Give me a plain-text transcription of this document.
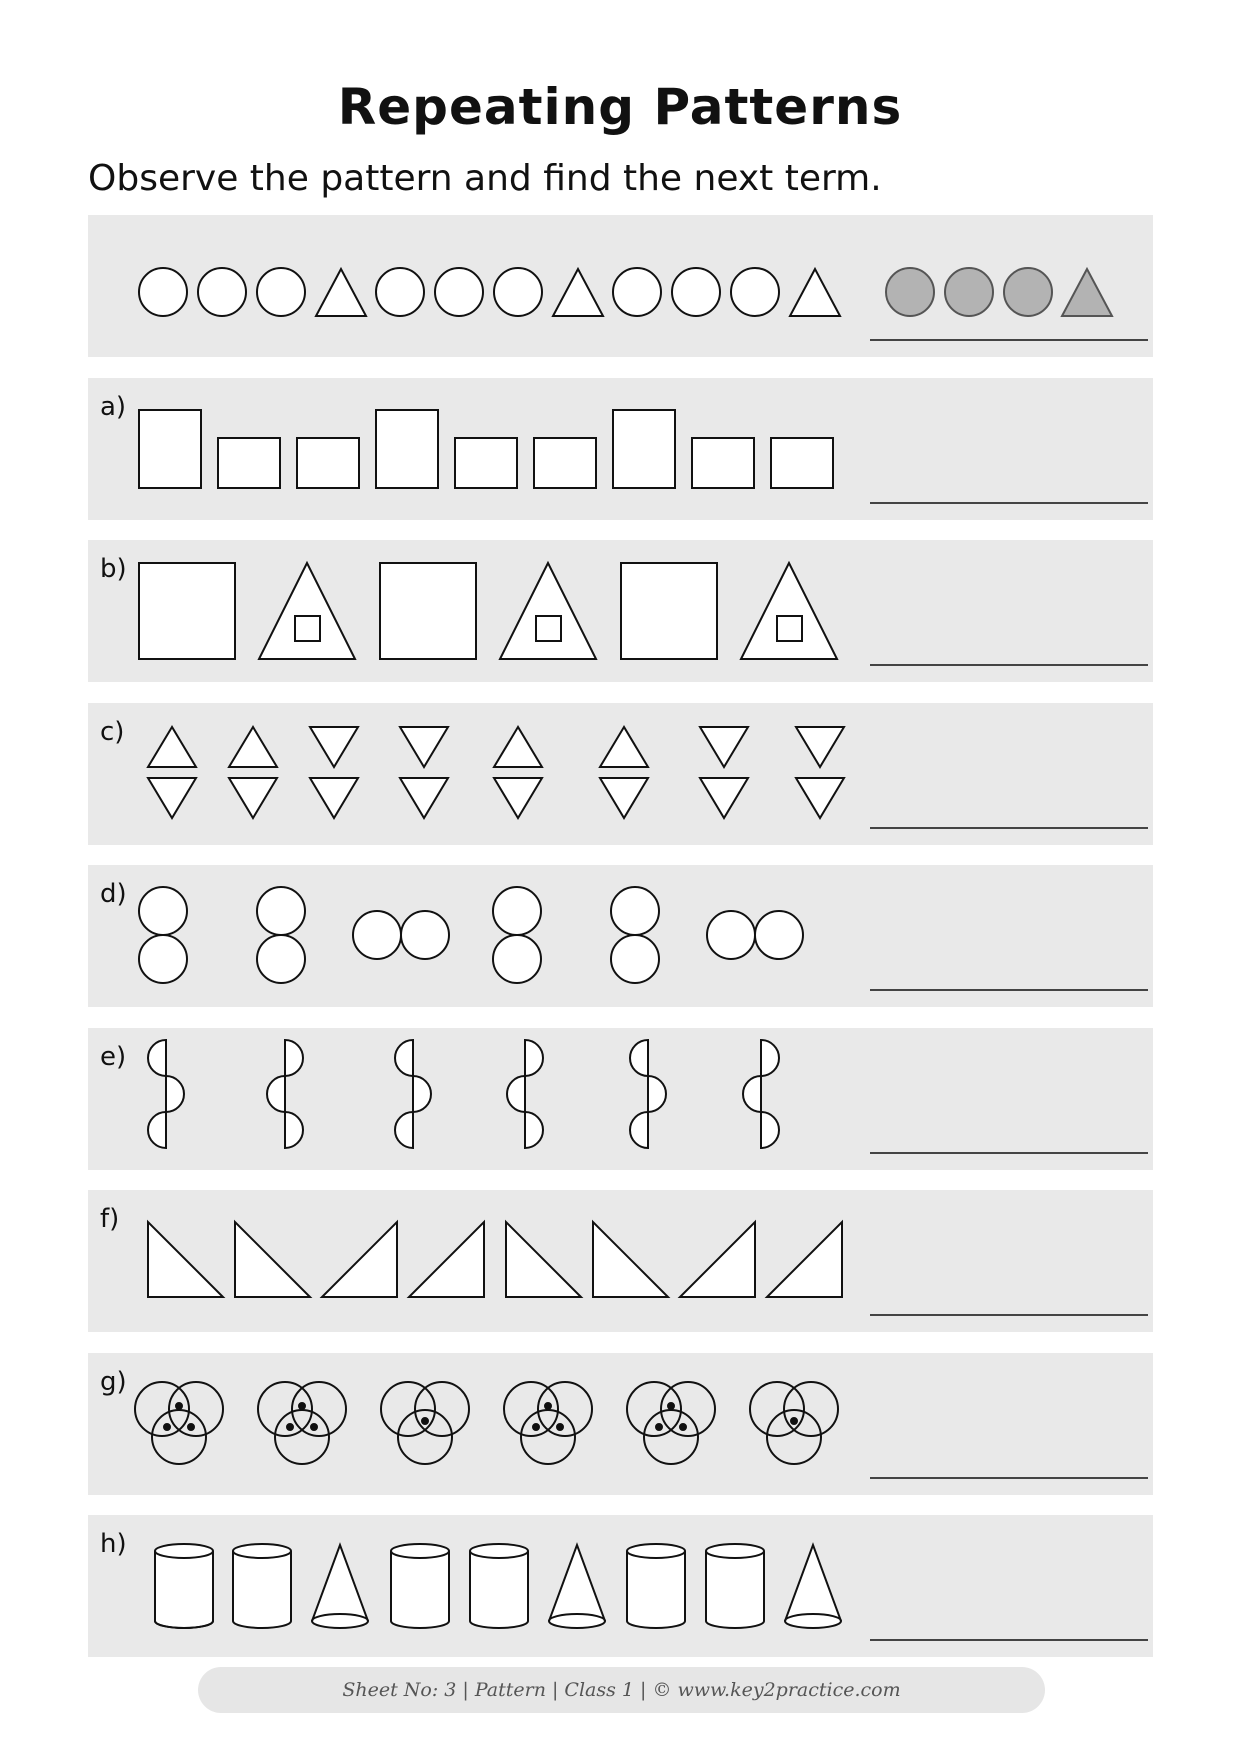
Repeating Patterns
Observe the pattern and find the next term.
a)
b)
c)
d)
e)
f)
g)
h)
Sheet No: 3 | Pattern | Class 1 | © www.key2practice.com
